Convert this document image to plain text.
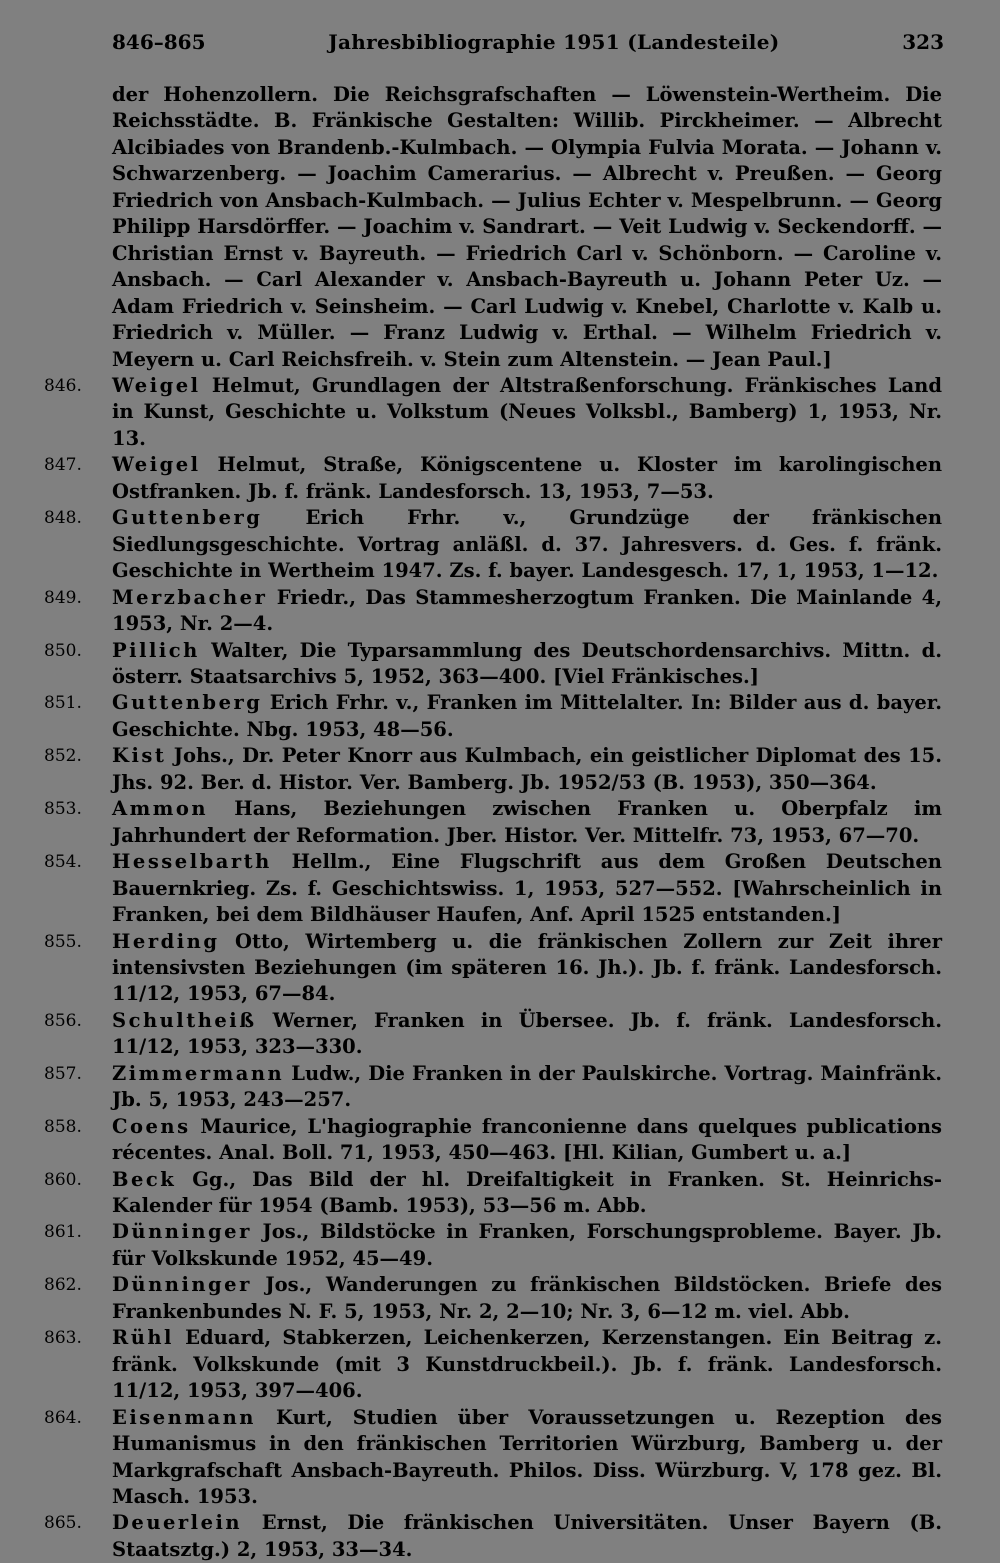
846–865	Jahresbibliographie 1951 (Landesteile)	323
der Hohenzollern. Die Reichsgrafschaften — Löwenstein-Wertheim. Die Reichsstädte. B. Fränkische Gestalten: Willib. Pirckheimer. — Albrecht Alcibiades von Brandenb.-Kulmbach. — Olympia Fulvia Morata. — Johann v. Schwarzenberg. — Joachim Camerarius. — Albrecht v. Preußen. — Georg Friedrich von Ansbach-Kulmbach. — Julius Echter v. Mespelbrunn. — Georg Philipp Harsdörffer. — Joachim v. Sandrart. — Veit Ludwig v. Seckendorff. — Christian Ernst v. Bayreuth. — Friedrich Carl v. Schönborn. — Caroline v. Ansbach. — Carl Alexander v. Ansbach-Bayreuth u. Johann Peter Uz. — Adam Friedrich v. Seinsheim. — Carl Ludwig v. Knebel, Charlotte v. Kalb u. Friedrich v. Müller. — Franz Ludwig v. Erthal. — Wilhelm Friedrich v. Meyern u. Carl Reichsfreih. v. Stein zum Altenstein. — Jean Paul.]
846.	Weigel Helmut, Grundlagen der Altstraßenforschung. Fränkisches Land in Kunst, Geschichte u. Volkstum (Neues Volksbl., Bamberg) 1, 1953, Nr. 13.
847.	Weigel Helmut, Straße, Königscentene u. Kloster im karolingischen Ostfranken. Jb. f. fränk. Landesforsch. 13, 1953, 7—53.
848.	Guttenberg Erich Frhr. v., Grundzüge der fränkischen Siedlungsgeschichte. Vortrag anläßl. d. 37. Jahresvers. d. Ges. f. fränk. Geschichte in Wertheim 1947. Zs. f. bayer. Landesgesch. 17, 1, 1953, 1—12.
849.	Merzbacher Friedr., Das Stammesherzogtum Franken. Die Mainlande 4, 1953, Nr. 2—4.
850.	Pillich Walter, Die Typarsammlung des Deutschordensarchivs. Mittn. d. österr. Staatsarchivs 5, 1952, 363—400. [Viel Fränkisches.]
851.	Guttenberg Erich Frhr. v., Franken im Mittelalter. In: Bilder aus d. bayer. Geschichte. Nbg. 1953, 48—56.
852.	Kist Johs., Dr. Peter Knorr aus Kulmbach, ein geistlicher Diplomat des 15. Jhs. 92. Ber. d. Histor. Ver. Bamberg. Jb. 1952/53 (B. 1953), 350—364.
853.	Ammon Hans, Beziehungen zwischen Franken u. Oberpfalz im Jahrhundert der Reformation. Jber. Histor. Ver. Mittelfr. 73, 1953, 67—70.
854.	Hesselbarth Hellm., Eine Flugschrift aus dem Großen Deutschen Bauernkrieg. Zs. f. Geschichtswiss. 1, 1953, 527—552. [Wahrscheinlich in Franken, bei dem Bildhäuser Haufen, Anf. April 1525 entstanden.]
855.	Herding Otto, Wirtemberg u. die fränkischen Zollern zur Zeit ihrer intensivsten Beziehungen (im späteren 16. Jh.). Jb. f. fränk. Landesforsch. 11/12, 1953, 67—84.
856.	Schultheiß Werner, Franken in Übersee. Jb. f. fränk. Landesforsch. 11/12, 1953, 323—330.
857.	Zimmermann Ludw., Die Franken in der Paulskirche. Vortrag. Mainfränk. Jb. 5, 1953, 243—257.
858.	Coens Maurice, L'hagiographie franconienne dans quelques publications récentes. Anal. Boll. 71, 1953, 450—463. [Hl. Kilian, Gumbert u. a.]
860.	Beck Gg., Das Bild der hl. Dreifaltigkeit in Franken. St. Heinrichs-Kalender für 1954 (Bamb. 1953), 53—56 m. Abb.
861.	Dünninger Jos., Bildstöcke in Franken, Forschungsprobleme. Bayer. Jb. für Volkskunde 1952, 45—49.
862.	Dünninger Jos., Wanderungen zu fränkischen Bildstöcken. Briefe des Frankenbundes N. F. 5, 1953, Nr. 2, 2—10; Nr. 3, 6—12 m. viel. Abb.
863.	Rühl Eduard, Stabkerzen, Leichenkerzen, Kerzenstangen. Ein Beitrag z. fränk. Volkskunde (mit 3 Kunstdruckbeil.). Jb. f. fränk. Landesforsch. 11/12, 1953, 397—406.
864.	Eisenmann Kurt, Studien über Voraussetzungen u. Rezeption des Humanismus in den fränkischen Territorien Würzburg, Bamberg u. der Markgrafschaft Ansbach-Bayreuth. Philos. Diss. Würzburg. V, 178 gez. Bl. Masch. 1953.
865.	Deuerlein Ernst, Die fränkischen Universitäten. Unser Bayern (B. Staatsztg.) 2, 1953, 33—34.
